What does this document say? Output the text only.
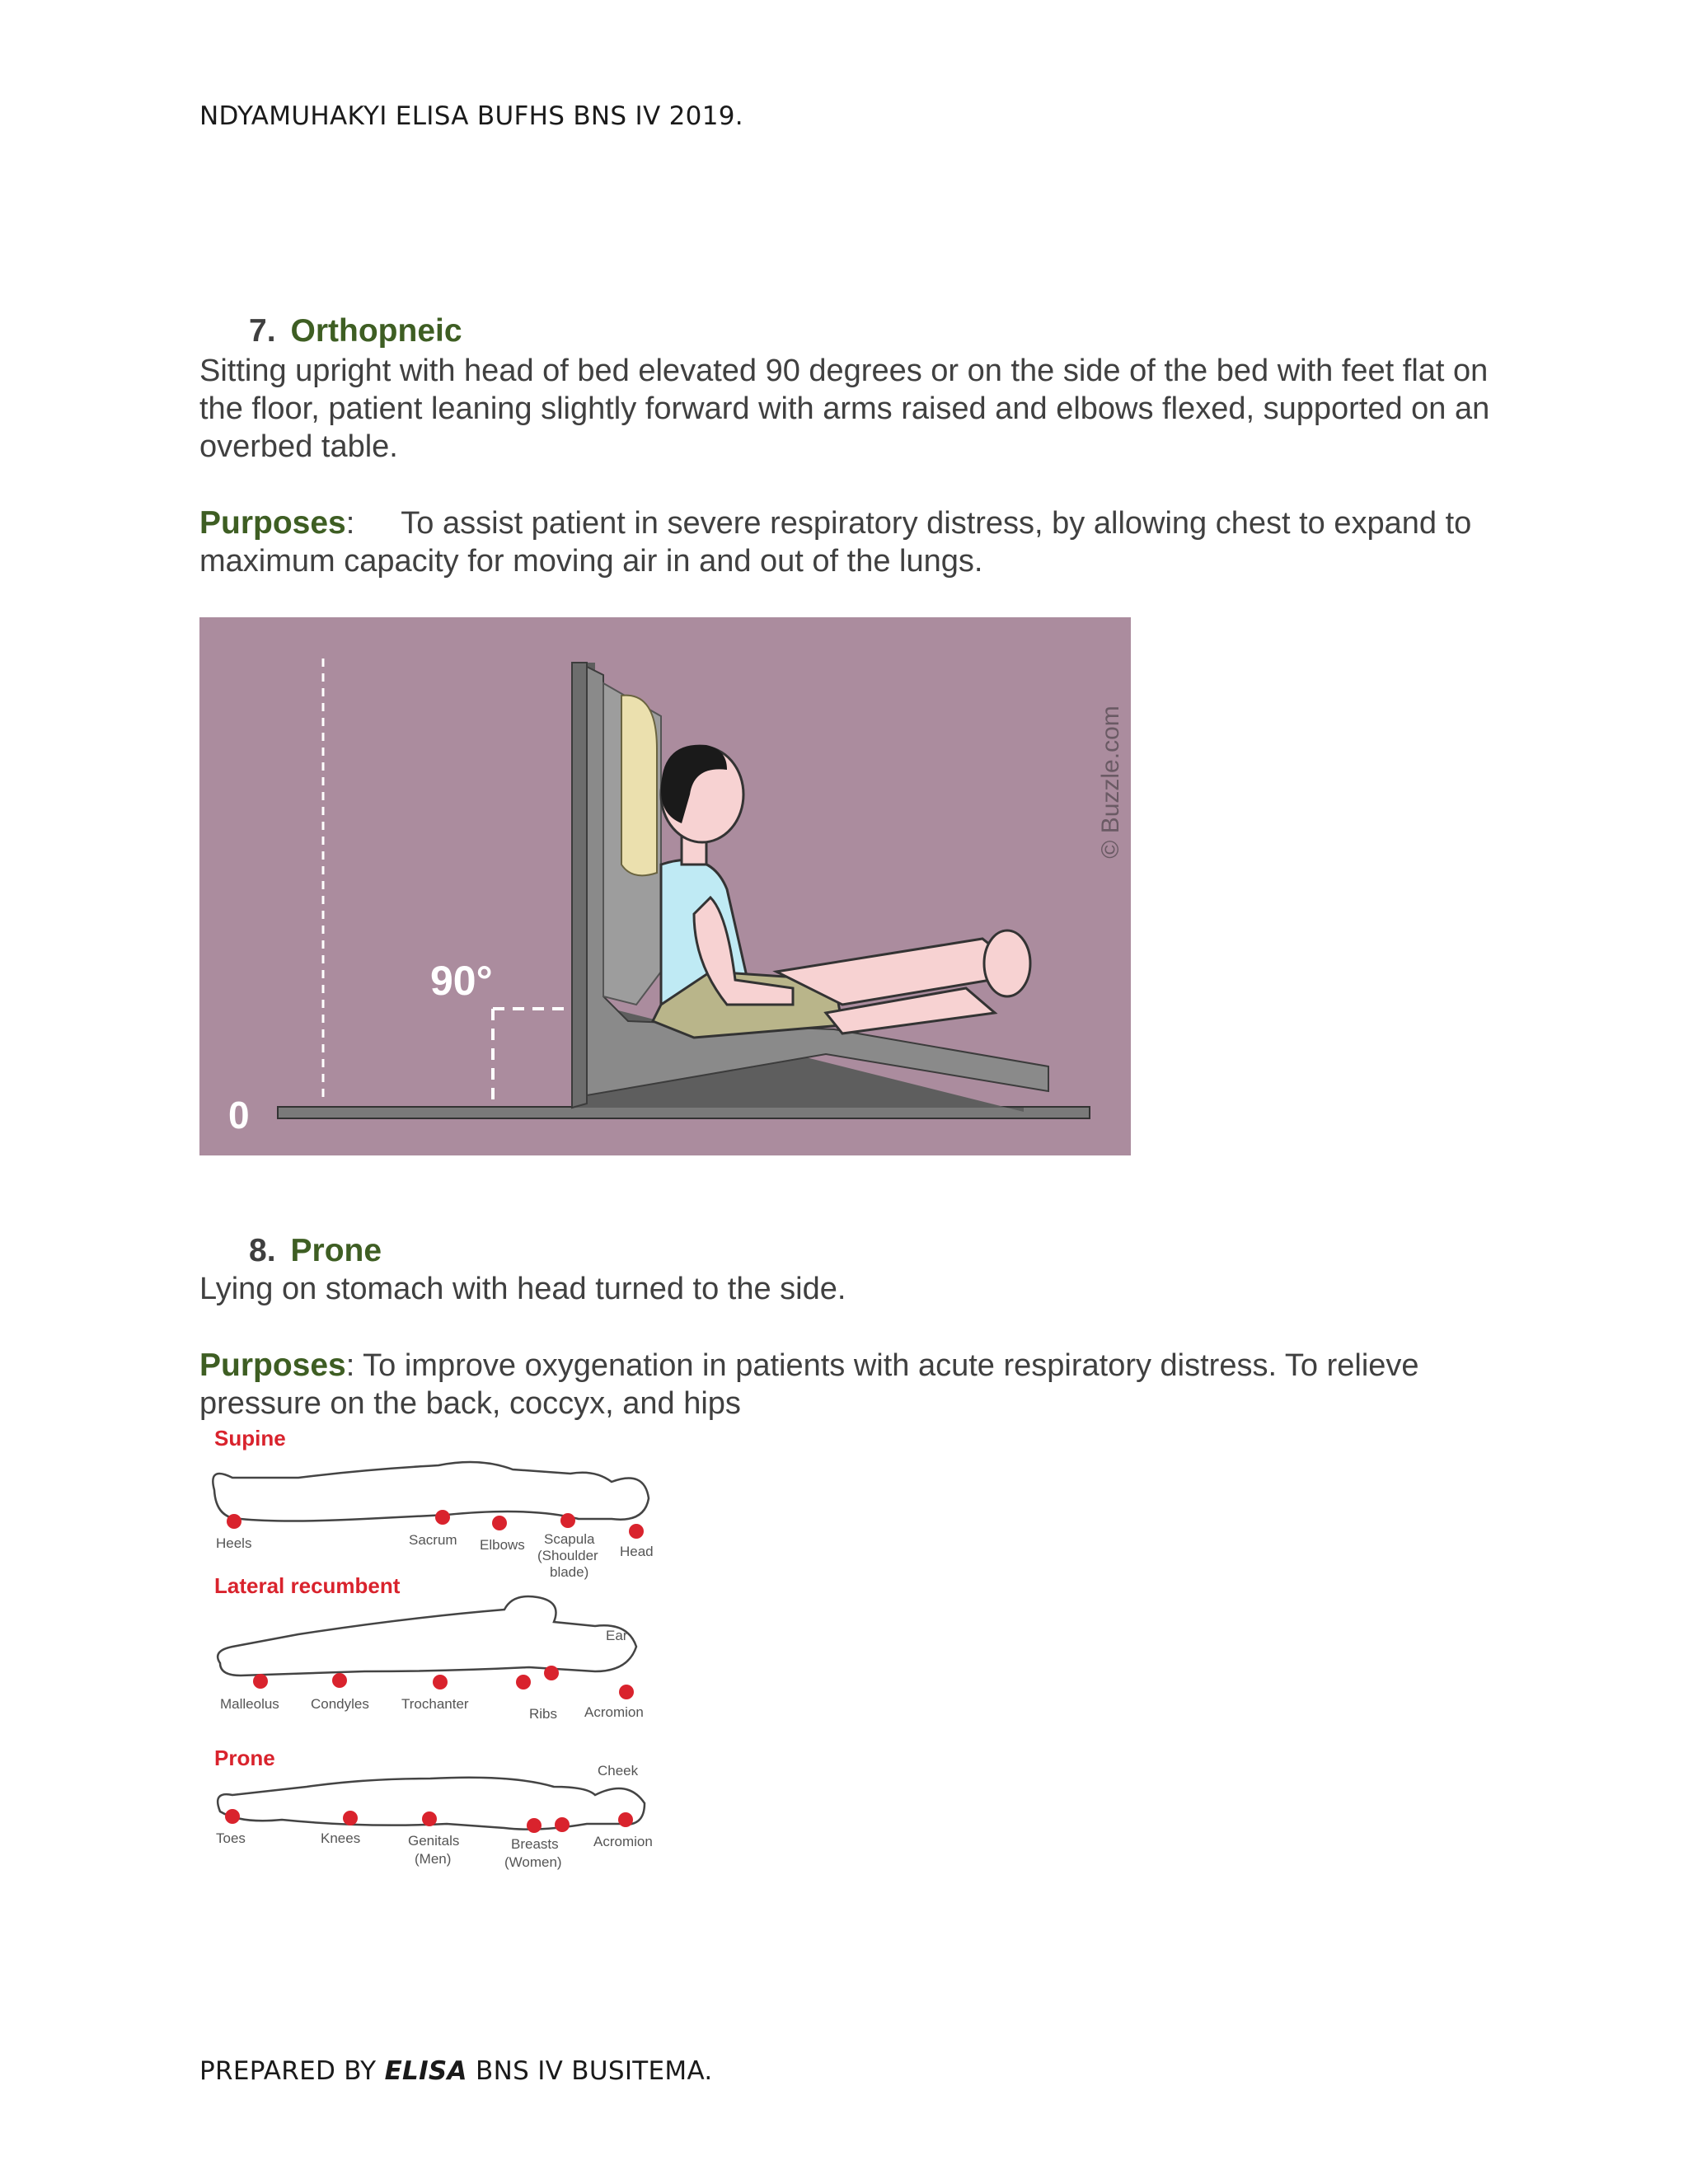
NDYAMUHAKYI ELISA BUFHS BNS IV 2019.
7. Orthopneic
Sitting upright with head of bed elevated 90 degrees or on the side of the bed with feet flat on the floor, patient leaning slightly forward with arms raised and elbows flexed, supported on an overbed table.
Purposes: To assist patient in severe respiratory distress, by allowing chest to expand to maximum capacity for moving air in and out of the lungs.
90°
0
© Buzzle.com
8. Prone
Lying on stomach with head turned to the side.
Purposes: To improve oxygenation in patients with acute respiratory distress. To relieve pressure on the back, coccyx, and hips
Supine
Heels	Sacrum Elbows Scapula
(Shoulder
blade)
Head
Lateral recumbent
Ear
Malleolus Condyles Trochanter
Ribs Acromion
Prone
Cheek
Toes	Knees	Genitals
(Men)
Breasts
(Women)
Acromion
PREPARED BY ELISA BNS IV BUSITEMA.
